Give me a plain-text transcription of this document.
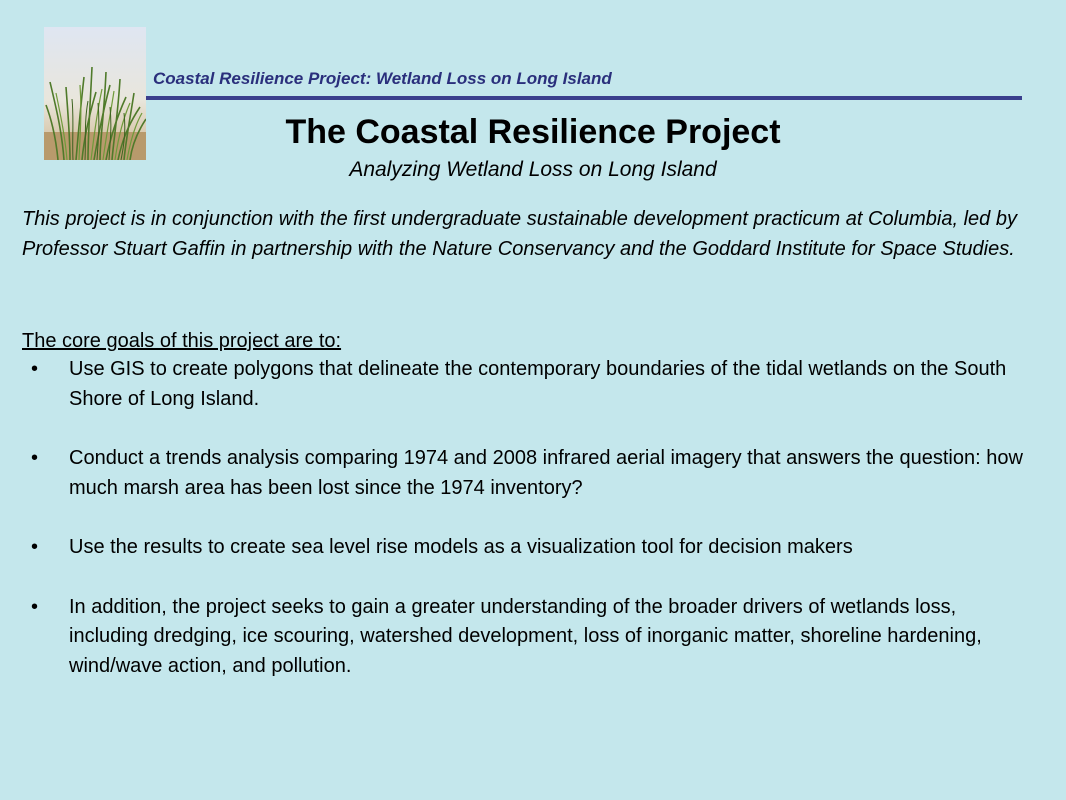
Coastal Resilience Project: Wetland Loss on Long Island
The Coastal Resilience Project
Analyzing Wetland Loss on Long Island

This project is in conjunction with the first undergraduate sustainable development practicum at Columbia, led by Professor Stuart Gaffin in partnership with the Nature Conservancy and the Goddard Institute for Space Studies.

The core goals of this project are to:
• Use GIS to create polygons that delineate the contemporary boundaries of the tidal wetlands on the South Shore of Long Island.
• Conduct a trends analysis comparing 1974 and 2008 infrared aerial imagery that answers the question: how much marsh area has been lost since the 1974 inventory?
• Use the results to create sea level rise models as a visualization tool for decision makers
• In addition, the project seeks to gain a greater understanding of the broader drivers of wetlands loss, including dredging, ice scouring, watershed development, loss of inorganic matter, shoreline hardening, wind/wave action, and pollution.
